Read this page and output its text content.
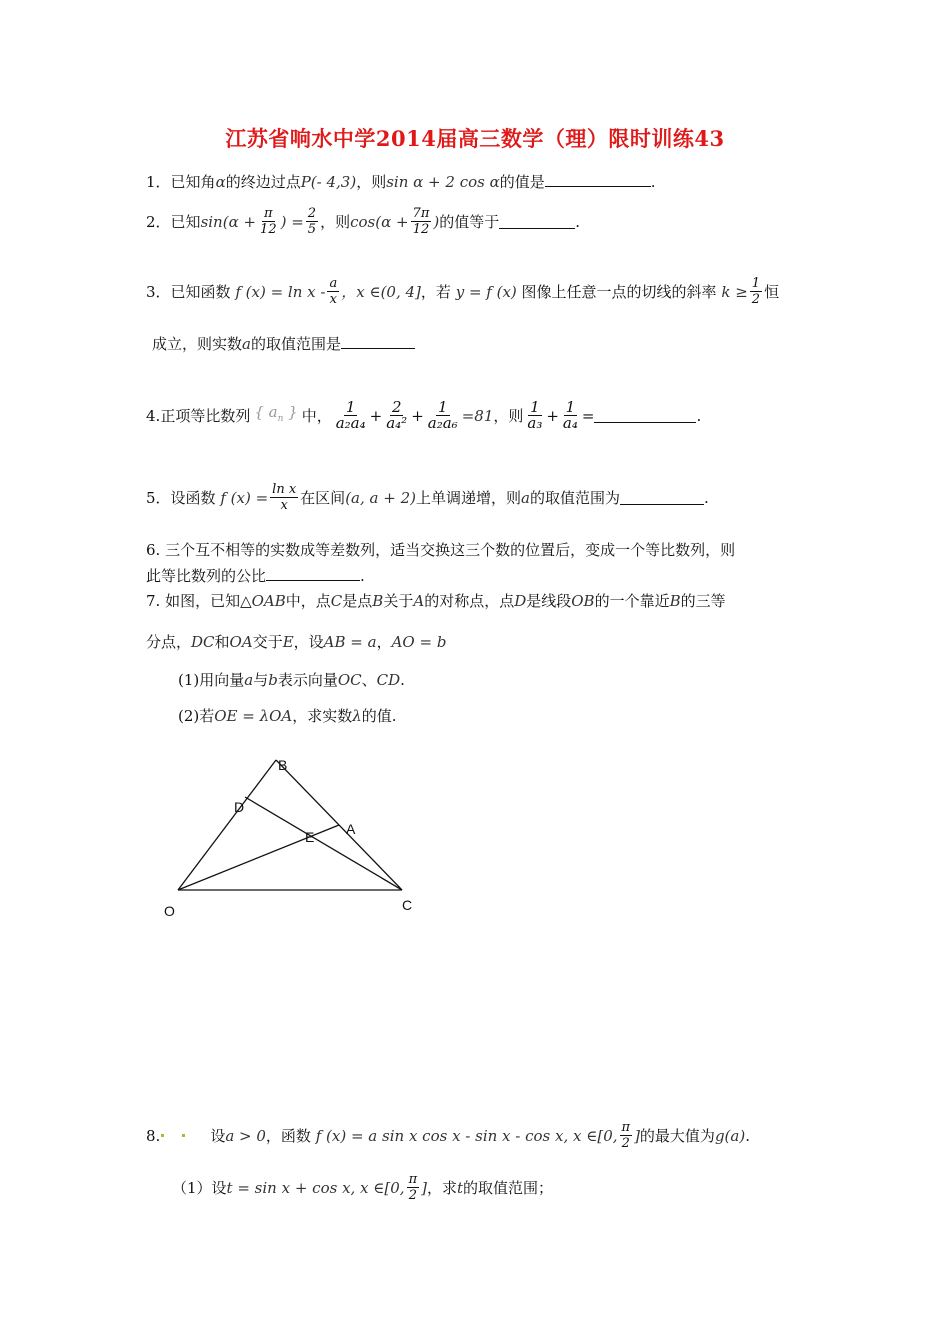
江苏省响水中学2014届高三数学（理）限时训练43
1．已知角α的终边过点P(- 4,3)，则sin α + 2 cos α的值是	.
2． 已知 $\sin(\alpha + \frac{\pi}{12}$ ) = $\frac{2}{5}$ ，则 $\cos(\alpha + \frac{7\pi}{12}$ ) 的值等于	.
3． 已知函数
f $(x) = \ln x - \frac{a}{x}$ ，x ∈(0, 4] ，若
y = f (x)
图像上任意一点的切线的斜率
$k \ge \frac{1}{2}$ 恒
成立，则实数a的取值范围是
4. 正项等比数列 { $a_n$ } 中， $\frac{1}{\text{a₂a₄}} + \frac{2}{\text{a₄²}} + \frac{1}{\text{a₂a₆}} =81$ ，则 $\frac{1}{\text{a₃}} + \frac{1}{\text{a₄}}$ =	.
5． 设函数
f $(x) = \frac{\text{ln x}}{x}$ 在区间 (a, a + 2) 上单调递增，则 a 的取值范围为	.
6. 三个互不相等的实数成等差数列，适当交换这三个数的位置后，变成一个等比数列，则
此等比数列的公比	.
7. 如图，已知△OAB中，点C是点B关于A的对称点，点D是线段OB的一个靠近B的三等
分点，DC和OA交于E，设AB = a，AO = b
(1)用向量a与b表示向量OC、CD.
(2)若OE = λOA，求实数λ的值.
B
D
A
E
O	C
8.	设 a > 0 ，函数
f (x) = a sin x cos x - sin x - cos x, x ∈[0, $\frac{\pi}{2}$ ] 的最大值为 g(a) .
（1）设 t = sin x + cos x, x ∈[0, $\frac{\pi}{2}$ ] ，求 t 的取值范围；
